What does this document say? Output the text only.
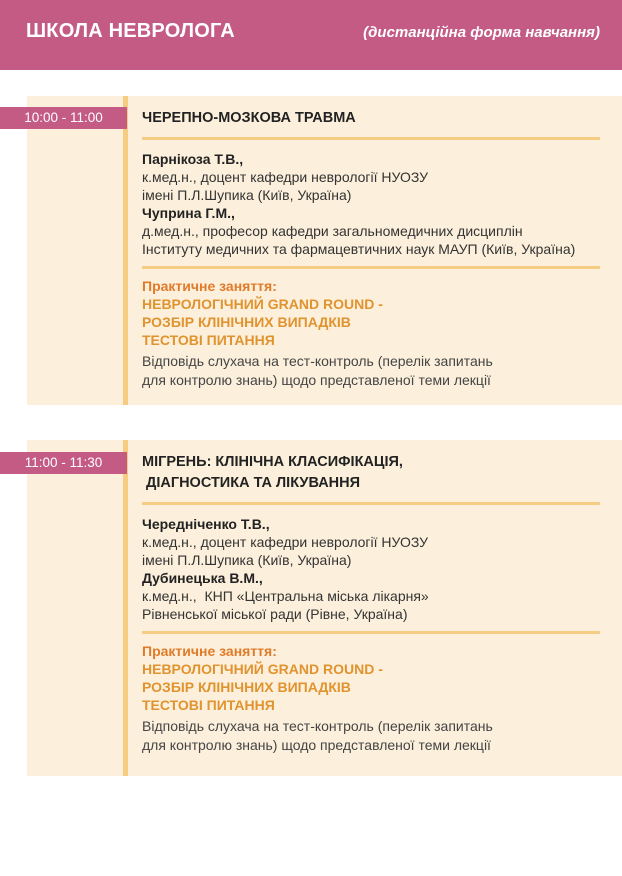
ШКОЛА НЕВРОЛОГА	(дистанційна форма навчання)
ЧЕРЕПНО-МОЗКОВА ТРАВМА
Парнікоза Т.В.,
к.мед.н., доцент кафедри неврології НУОЗУ
імені П.Л.Шупика (Київ, Україна)
Чуприна Г.М.,
д.мед.н., професор кафедри загальномедичних дисциплін
Інституту медичних та фармацевтичних наук МАУП (Київ, Україна)
Практичне заняття:
НЕВРОЛОГІЧНИЙ GRAND ROUND -
РОЗБІР КЛІНІЧНИХ ВИПАДКІВ
ТЕСТОВІ ПИТАННЯ
Відповідь слухача на тест-контроль (перелік запитань
для контролю знань) щодо представленої теми лекції
10:00 - 11:00
МІГРЕНЬ: КЛІНІЧНА КЛАСИФІКАЦІЯ,
ДІАГНОСТИКА ТА ЛІКУВАННЯ
Чередніченко Т.В.,
к.мед.н., доцент кафедри неврології НУОЗУ
імені П.Л.Шупика (Київ, Україна)
Дубинецька В.М.,
к.мед.н.,  КНП «Центральна міська лікарня»
Рівненської міської ради (Рівне, Україна)
Практичне заняття:
НЕВРОЛОГІЧНИЙ GRAND ROUND -
РОЗБІР КЛІНІЧНИХ ВИПАДКІВ
ТЕСТОВІ ПИТАННЯ
Відповідь слухача на тест-контроль (перелік запитань
для контролю знань) щодо представленої теми лекції
11:00 - 11:30
